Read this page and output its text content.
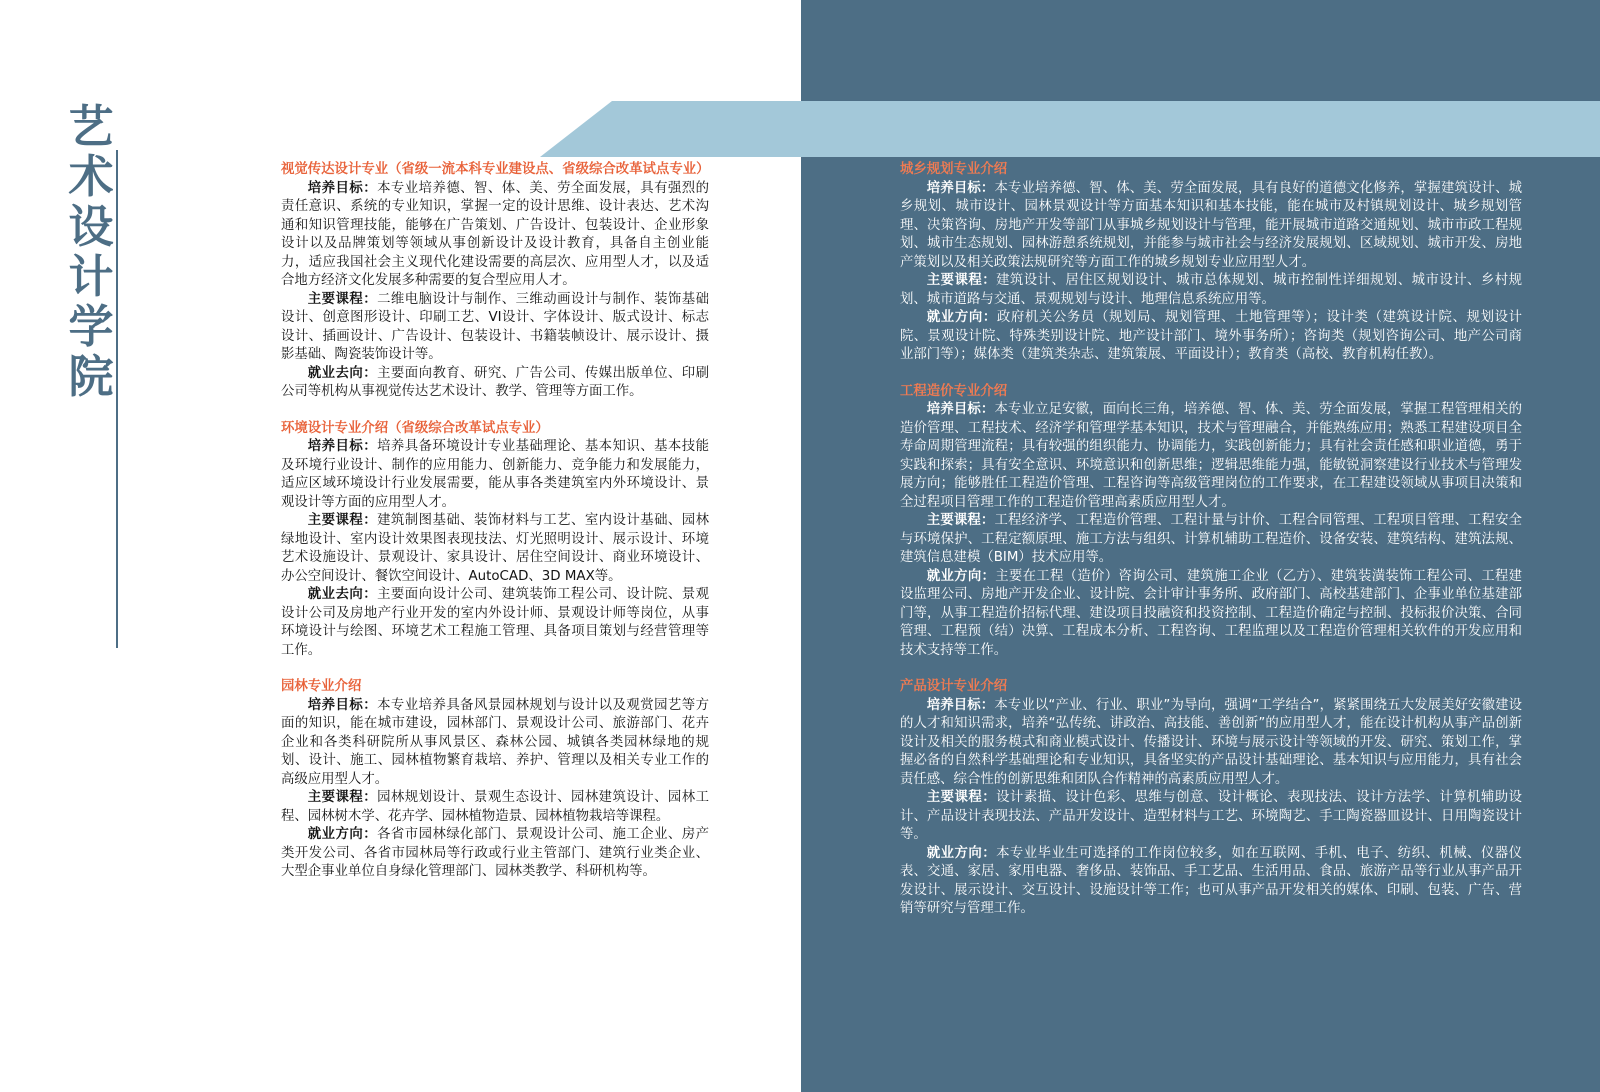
艺
术
设
计
学
院

视觉传达设计专业（省级一流本科专业建设点、省级综合改革试点专业）

培养目标：本专业培养德、智、体、美、劳全面发展，具有强烈的责任意识、系统的专业知识，掌握一定的设计思维、设计表达、艺术沟通和知识管理技能，能够在广告策划、广告设计、包装设计、企业形象设计以及品牌策划等领域从事创新设计及设计教育，具备自主创业能力，适应我国社会主义现代化建设需要的高层次、应用型人才，以及适合地方经济文化发展多种需要的复合型应用人才。

主要课程：二维电脑设计与制作、三维动画设计与制作、装饰基础设计、创意图形设计、印刷工艺、VI设计、字体设计、版式设计、标志设计、插画设计、广告设计、包装设计、书籍装帧设计、展示设计、摄影基础、陶瓷装饰设计等。

就业去向：主要面向教育、研究、广告公司、传媒出版单位、印刷公司等机构从事视觉传达艺术设计、教学、管理等方面工作。

环境设计专业介绍（省级综合改革试点专业）

培养目标：培养具备环境设计专业基础理论、基本知识、基本技能及环境行业设计、制作的应用能力、创新能力、竞争能力和发展能力，适应区域环境设计行业发展需要，能从事各类建筑室内外环境设计、景观设计等方面的应用型人才。

主要课程：建筑制图基础、装饰材料与工艺、室内设计基础、园林绿地设计、室内设计效果图表现技法、灯光照明设计、展示设计、环境艺术设施设计、景观设计、家具设计、居住空间设计、商业环境设计、办公空间设计、餐饮空间设计、AutoCAD、3D MAX等。

就业去向：主要面向设计公司、建筑装饰工程公司、设计院、景观设计公司及房地产行业开发的室内外设计师、景观设计师等岗位，从事环境设计与绘图、环境艺术工程施工管理、具备项目策划与经营管理等工作。

园林专业介绍

培养目标：本专业培养具备风景园林规划与设计以及观赏园艺等方面的知识，能在城市建设，园林部门、景观设计公司、旅游部门、花卉企业和各类科研院所从事风景区、森林公园、城镇各类园林绿地的规划、设计、施工、园林植物繁育栽培、养护、管理以及相关专业工作的高级应用型人才。

主要课程：园林规划设计、景观生态设计、园林建筑设计、园林工程、园林树木学、花卉学、园林植物造景、园林植物栽培等课程。

就业方向：各省市园林绿化部门、景观设计公司、施工企业、房产类开发公司、各省市园林局等行政或行业主管部门、建筑行业类企业、大型企事业单位自身绿化管理部门、园林类教学、科研机构等。

城乡规划专业介绍

培养目标：本专业培养德、智、体、美、劳全面发展，具有良好的道德文化修养，掌握建筑设计、城乡规划、城市设计、园林景观设计等方面基本知识和基本技能，能在城市及村镇规划设计、城乡规划管理、决策咨询、房地产开发等部门从事城乡规划设计与管理，能开展城市道路交通规划、城市市政工程规划、城市生态规划、园林游憩系统规划，并能参与城市社会与经济发展规划、区域规划、城市开发、房地产策划以及相关政策法规研究等方面工作的城乡规划专业应用型人才。

主要课程：建筑设计、居住区规划设计、城市总体规划、城市控制性详细规划、城市设计、乡村规划、城市道路与交通、景观规划与设计、地理信息系统应用等。

就业方向：政府机关公务员（规划局、规划管理、土地管理等）；设计类（建筑设计院、规划设计院、景观设计院、特殊类别设计院、地产设计部门、境外事务所）；咨询类（规划咨询公司、地产公司商业部门等）；媒体类（建筑类杂志、建筑策展、平面设计）；教育类（高校、教育机构任教）。

工程造价专业介绍

培养目标：本专业立足安徽，面向长三角，培养德、智、体、美、劳全面发展，掌握工程管理相关的造价管理、工程技术、经济学和管理学基本知识，技术与管理融合，并能熟练应用；熟悉工程建设项目全寿命周期管理流程；具有较强的组织能力、协调能力，实践创新能力；具有社会责任感和职业道德，勇于实践和探索；具有安全意识、环境意识和创新思维；逻辑思维能力强，能敏锐洞察建设行业技术与管理发展方向；能够胜任工程造价管理、工程咨询等高级管理岗位的工作要求，在工程建设领域从事项目决策和全过程项目管理工作的工程造价管理高素质应用型人才。

主要课程：工程经济学、工程造价管理、工程计量与计价、工程合同管理、工程项目管理、工程安全与环境保护、工程定额原理、施工方法与组织、计算机辅助工程造价、设备安装、建筑结构、建筑法规、建筑信息建模（BIM）技术应用等。

就业方向：主要在工程（造价）咨询公司、建筑施工企业（乙方）、建筑装潢装饰工程公司、工程建设监理公司、房地产开发企业、设计院、会计审计事务所、政府部门、高校基建部门、企事业单位基建部门等，从事工程造价招标代理、建设项目投融资和投资控制、工程造价确定与控制、投标报价决策、合同管理、工程预（结）决算、工程成本分析、工程咨询、工程监理以及工程造价管理相关软件的开发应用和技术支持等工作。

产品设计专业介绍

培养目标：本专业以“产业、行业、职业”为导向，强调“工学结合”，紧紧围绕五大发展美好安徽建设的人才和知识需求，培养“弘传统、讲政治、高技能、善创新”的应用型人才，能在设计机构从事产品创新设计及相关的服务模式和商业模式设计、传播设计、环境与展示设计等领域的开发、研究、策划工作，掌握必备的自然科学基础理论和专业知识，具备坚实的产品设计基础理论、基本知识与应用能力，具有社会责任感、综合性的创新思维和团队合作精神的高素质应用型人才。

主要课程：设计素描、设计色彩、思维与创意、设计概论、表现技法、设计方法学、计算机辅助设计、产品设计表现技法、产品开发设计、造型材料与工艺、环境陶艺、手工陶瓷器皿设计、日用陶瓷设计等。

就业方向：本专业毕业生可选择的工作岗位较多，如在互联网、手机、电子、纺织、机械、仪器仪表、交通、家居、家用电器、奢侈品、装饰品、手工艺品、生活用品、食品、旅游产品等行业从事产品开发设计、展示设计、交互设计、设施设计等工作；也可从事产品开发相关的媒体、印刷、包装、广告、营销等研究与管理工作。
